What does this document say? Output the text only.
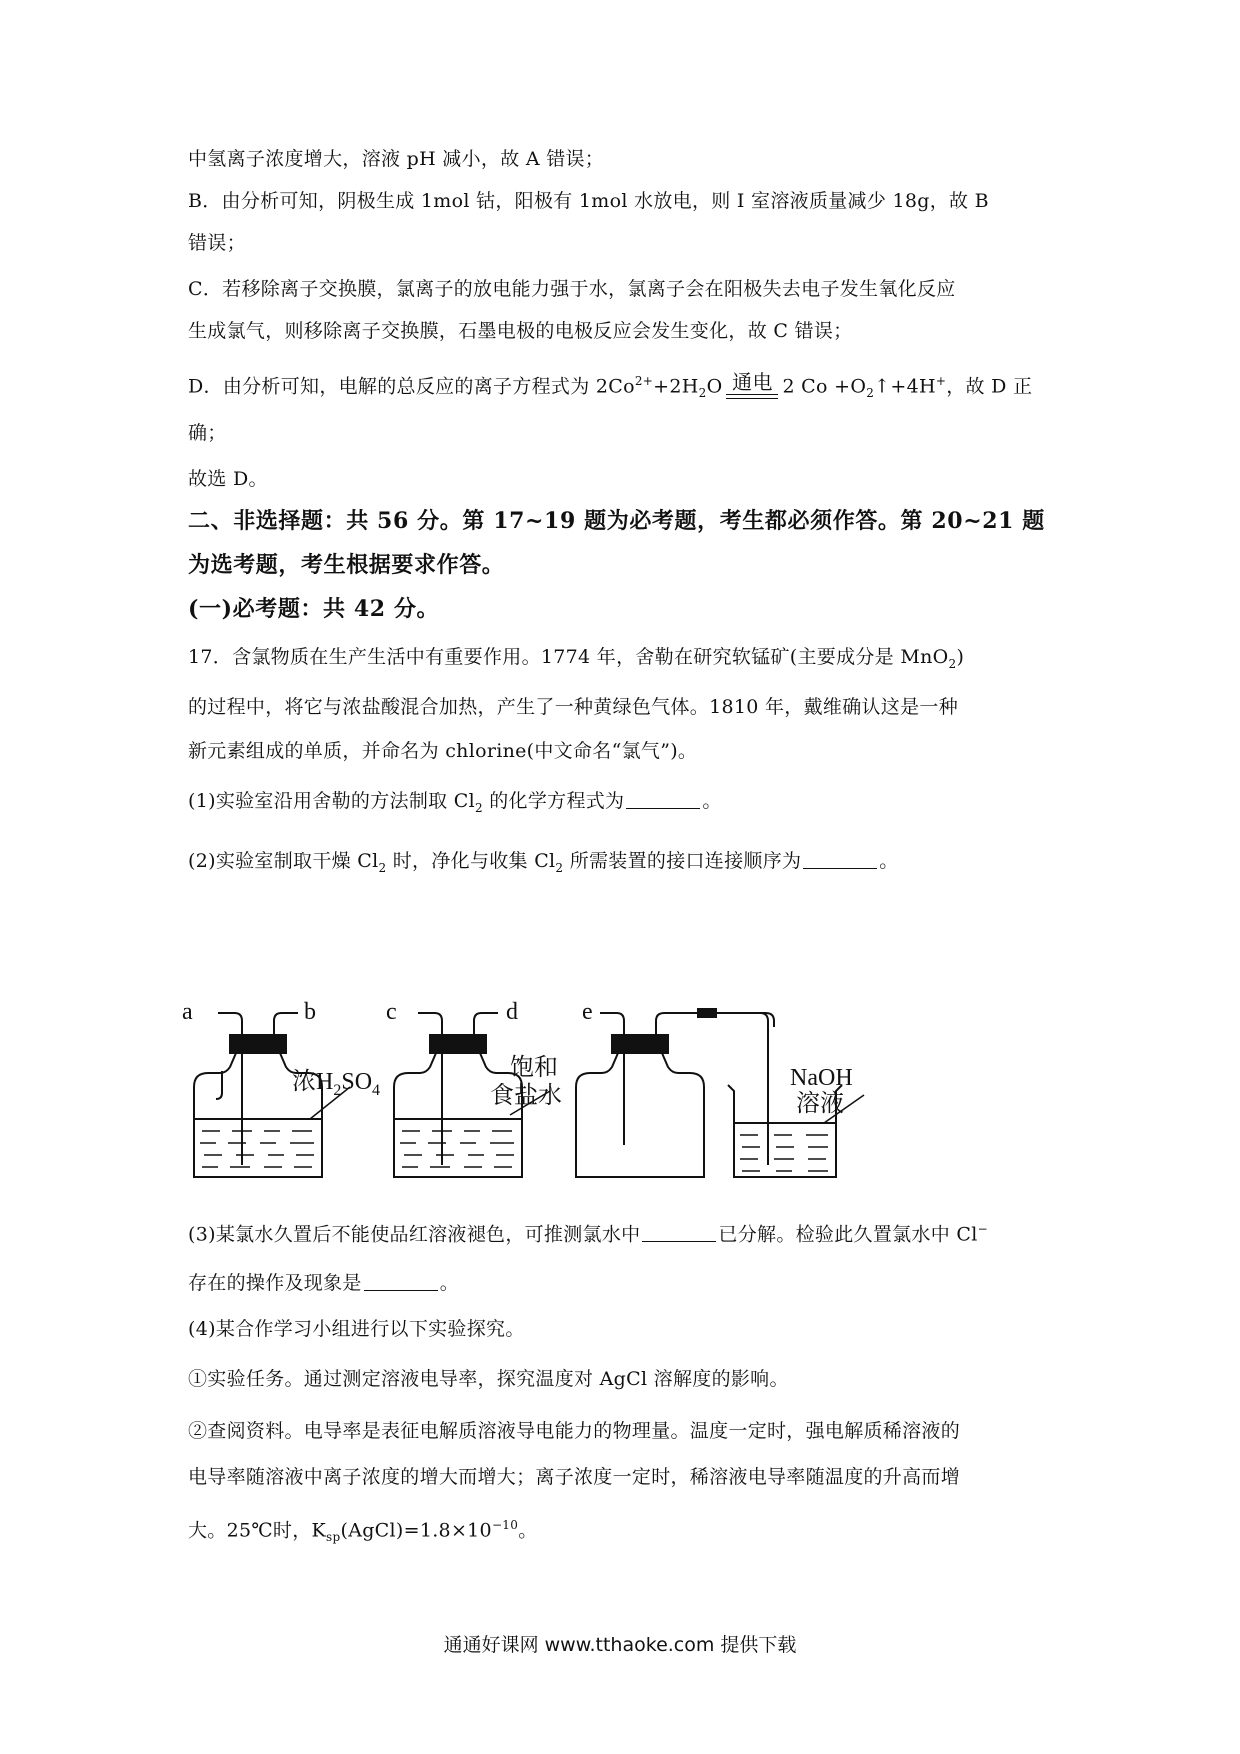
中氢离子浓度增大，溶液 pH 减小，故 A 错误；
B．由分析可知，阴极生成 1mol 钴，阳极有 1mol 水放电，则 I 室溶液质量减少 18g，故 B
错误；
C．若移除离子交换膜，氯离子的放电能力强于水，氯离子会在阳极失去电子发生氧化反应
生成氯气，则移除离子交换膜，石墨电极的电极反应会发生变化，故 C 错误；
D．由分析可知，电解的总反应的离子方程式为 $2Co^{2+}+2H_2O$ 通电 2 $Co +O_2↑+4H^+$，故 D 正
确；
故选 D。
二、非选择题：共 56 分。第 17~19 题为必考题，考生都必须作答。第 20~21 题
为选考题，考生根据要求作答。
(一)必考题：共 42 分。
17．含氯物质在生产生活中有重要作用。1774 年，舍勒在研究软锰矿(主要成分是 MnO$_2$)
的过程中，将它与浓盐酸混合加热，产生了一种黄绿色气体。1810 年，戴维确认这是一种
新元素组成的单质，并命名为 chlorine(中文命名“氯气”)。
(1)实验室沿用舍勒的方法制取 $Cl_2$ 的化学方程式为	。
(2)实验室制取干燥 $Cl_2$ 时，净化与收集 $Cl_2$ 所需装置的接口连接顺序为	。
a	b	c	d	e
浓$H_2SO_4$
饱和
食盐水
NaOH
溶液
(3)某氯水久置后不能使品红溶液褪色，可推测氯水中	已分解。检验此久置氯水中 Cl−
存在的操作及现象是	。
(4)某合作学习小组进行以下实验探究。
①实验任务。通过测定溶液电导率，探究温度对 AgCl 溶解度的影响。
②查阅资料。电导率是表征电解质溶液导电能力的物理量。温度一定时，强电解质稀溶液的
电导率随溶液中离子浓度的增大而增大；离子浓度一定时，稀溶液电导率随温度的升高而增
大。25℃时，$K_{sp}(AgCl)=1.8\times 10^{-10}$。
通通好课网 www.tthaoke.com 提供下载
